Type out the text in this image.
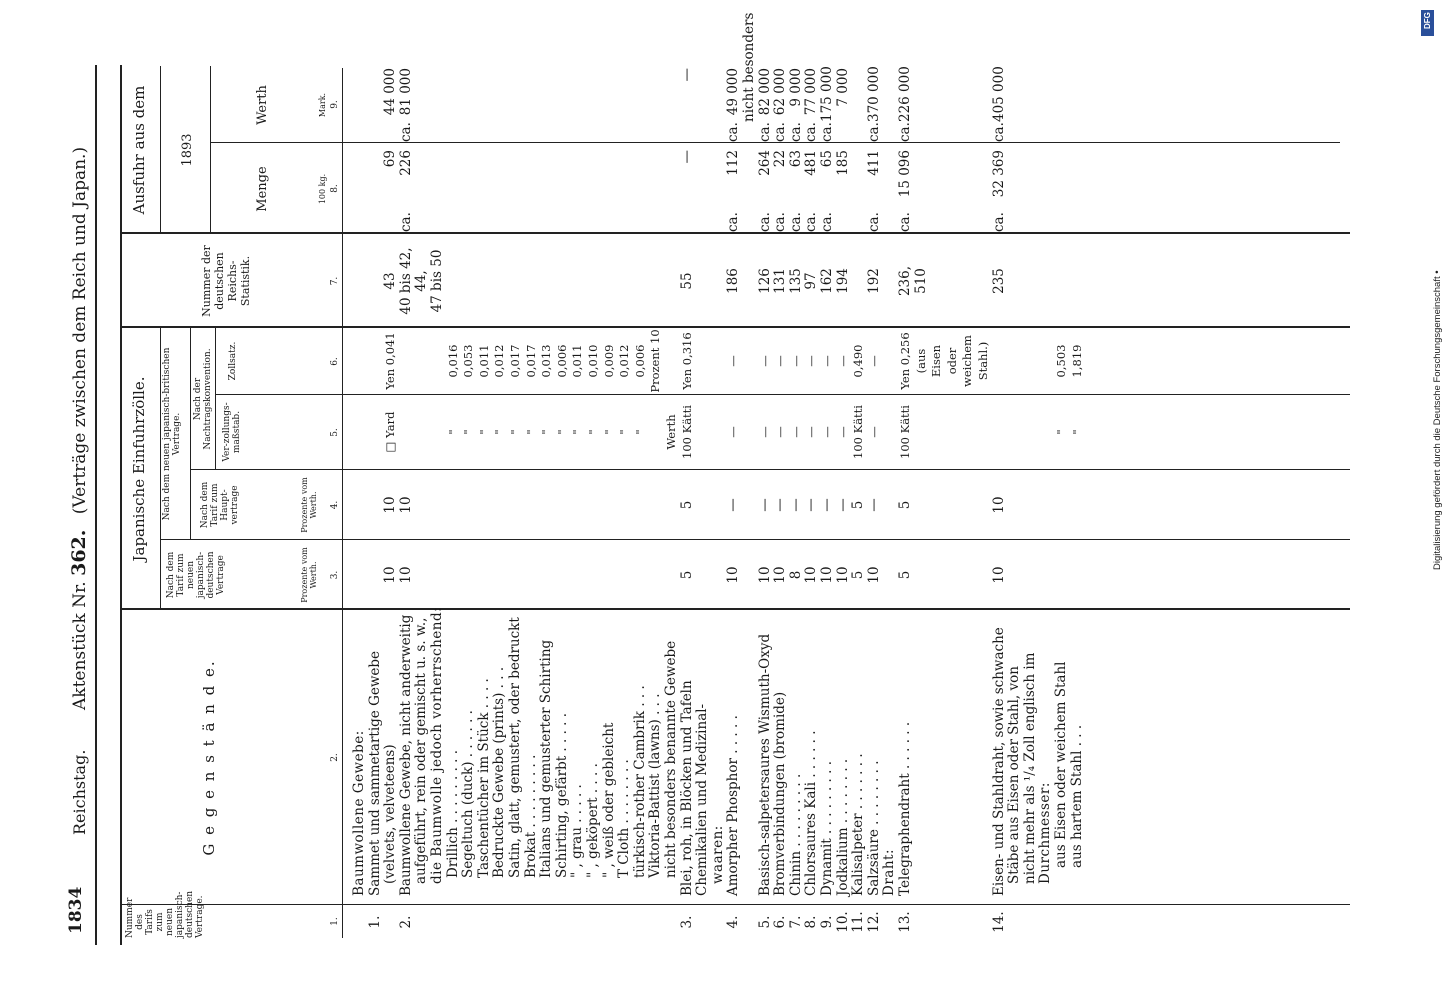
1834
Reichstag.
Aktenstück Nr. 362. (Verträge zwischen dem Reich und Japan.)
Nummer des Tarifs zum neuen japanisch-deutschen Vertrage.
G e g e n s t ä n d e.
Japanische Einfuhrzölle.
Nach dem Tarif zum neuen japanisch-deutschen Vertrage
Nach dem neuen japanisch-britischen Vertrage.
Nach dem Tarif zum Haupt-vertrage
Nach der Nachtragskonvention. Ver-zollungs-maßstab.
Zollsatz.
Prozente vom Werth.
Prozente vom Werth.
Nummer der deutschen Reichs-Statistik.
Ausfuhr aus dem 1893
Menge	100 kg.
Werth	Mark.
1.
2.
3.
4.
5.
6.
7.
8.
9.
Baumwollene Gewebe:
1.
Sammet und sammetartige Gewebe (velvets, velveteens)
10
10
□ Yard
Yen 0,041
43
69
44 000
2.
Baumwollene Gewebe, nicht anderweitig
10
10
40 bis 42,
ca.
226
ca.
81 000
aufgeführt, rein oder gemischt u. s. w.,
44,
die Baumwolle jedoch vorherrschend:
47 bis 50
Drillich . . . . . . . . .
"
0,016
Segeltuch (duck) . . . . . .
"
0,053
Taschentücher im Stück . . . .
"
0,011
Bedruckte Gewebe (prints) . . .
"
0,012
Satin, glatt, gemustert, oder bedruckt
"
0,017
Brokat . . . . . . . . .
"
0,017
Italians und gemusterter Schirting
"
0,013
Schirting, gefärbt . . . . .
"
0,006
" , grau . . . . .
"
0,011
" , geköpert . . . .
"
0,010
" , weiß oder gebleicht
"
0,009
T Cloth . . . . . . . .
"
0,012
türkisch-rother Cambrik . . .
"
0,006
Viktoria-Battist (lawns) . . .
Prozent 10
nicht besonders benannte Gewebe
Werth
3.
Blei, roh, in Blöcken und Tafeln
5
5
100 Kätti
Yen 0,316
55
—
—
Chemikalien und Medizinal- waaren:
4.
Amorpher Phosphor . . . . .
10
—
—
—
186
ca.
112
ca.
49 000 nicht besonders
5.
Basisch-salpetersaures Wismuth-Oxyd
10
—
—
—
126
ca.
264
ca.
82 000
6.
Bromverbindungen (bromide)
10
—
—
—
131
ca.
22
ca.
62 000
7.
Chinin . . . . . . . . .
8
—
—
—
135
ca.
63
ca.
9 000
8.
Chlorsaures Kali . . . . . .
10
—
—
—
97
ca.
481
ca.
77 000
9.
Dynamit . . . . . . . . .
10
—
—
—
162
ca.
65
ca.
175 000
10.
Jodkalium . . . . . . . .
10
—
—
—
194
185
7 000
11.
Kalisalpeter . . . . . . .
5
5
100 Kätti
0,490
12.
Salzsäure . . . . . . . .
10
—
—
—
192
ca.
411
ca.
370 000
Draht:
13.
Telegraphendraht . . . . . .
5
5
100 Kätti
Yen 0,256
236,
ca.
15 096
ca.
226 000
(aus
510
Eisen oder weichem Stahl.)
14.
Eisen- und Stahldraht, sowie schwache
10
10
235
ca.
32 369
ca.
405 000
Stäbe aus Eisen oder Stahl, von nicht mehr als ¹/₄ Zoll englisch im Durchmesser: aus Eisen oder weichem Stahl
"
0,503
aus hartem Stahl . . .
"
1,819
DFG
Digitalisierung gefördert durch die Deutsche Forschungsgemeinschaft •
